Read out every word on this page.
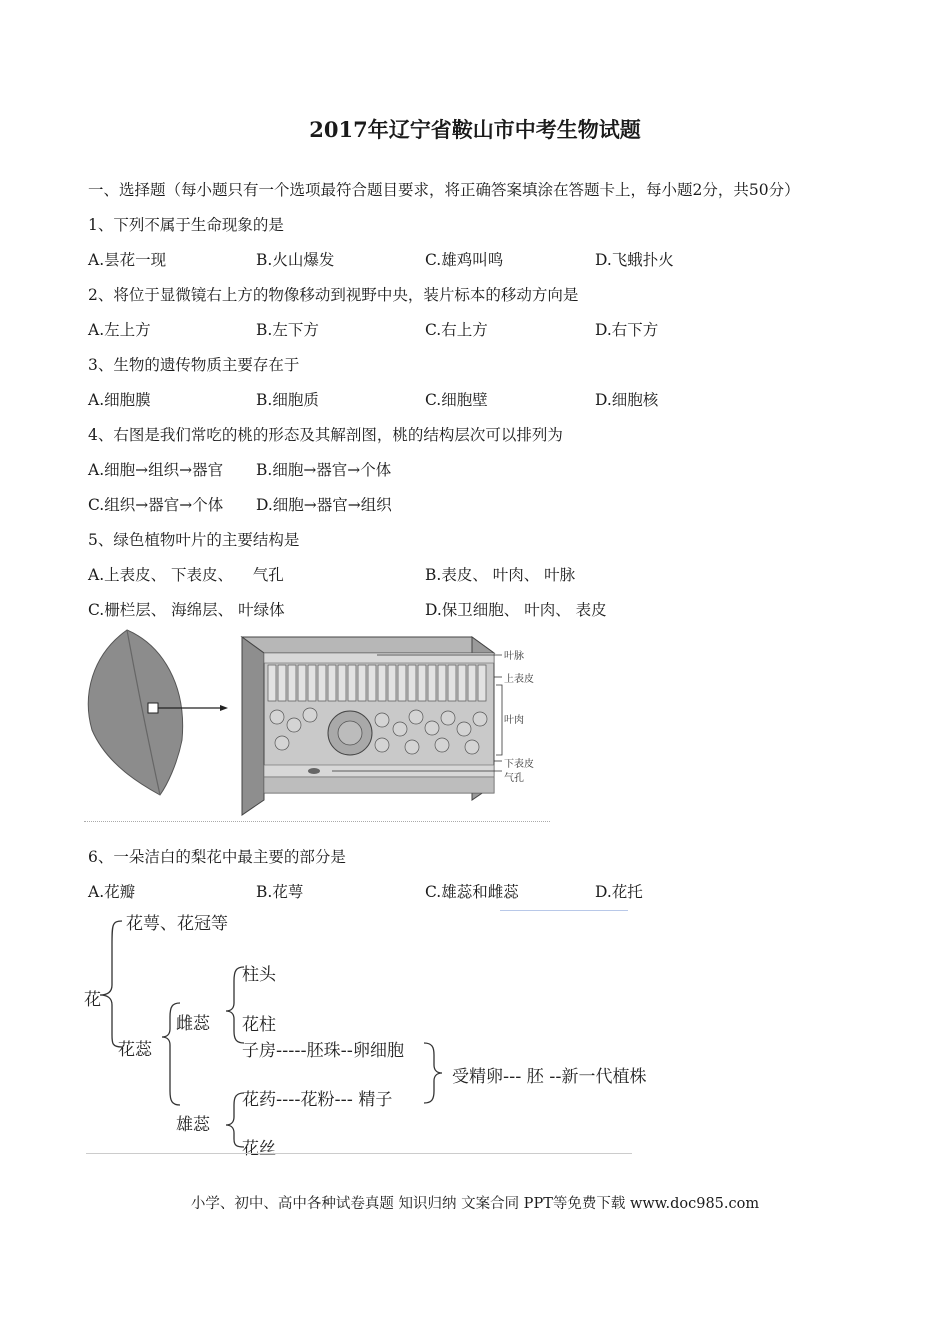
2017年辽宁省鞍山市中考生物试题
一、选择题（每小题只有一个选项最符合题目要求，将正确答案填涂在答题卡上，每小题2分，共50分）
1、下列不属于生命现象的是
A.昙花一现	B.火山爆发	C.雄鸡叫鸣	D.飞蛾扑火
2、将位于显微镜右上方的物像移动到视野中央，装片标本的移动方向是
A.左上方	B.左下方	C.右上方	D.右下方
3、生物的遗传物质主要存在于
A.细胞膜	B.细胞质	C.细胞壁	D.细胞核
4、右图是我们常吃的桃的形态及其解剖图，桃的结构层次可以排列为
A.细胞→组织→器官 B.细胞→器官→个体
C.组织→器官→个体 D.细胞→器官→组织
5、绿色植物叶片的主要结构是
A.上表皮、 下表皮、    气孔	B.表皮、 叶肉、 叶脉
C.栅栏层、 海绵层、 叶绿体	D.保卫细胞、 叶肉、 表皮
叶脉
上表皮
叶肉
下表皮
气孔
6、一朵洁白的梨花中最主要的部分是
A.花瓣	B.花萼	C.雄蕊和雌蕊	D.花托
花
花萼、花冠等
花蕊
雌蕊
柱头
花柱
子房-----胚珠--卵细胞
雄蕊
花药----花粉--- 精子
花丝
受精卵--- 胚 --新一代植株
小学、初中、高中各种试卷真题 知识归纳 文案合同 PPT等免费下载 www.doc985.com
